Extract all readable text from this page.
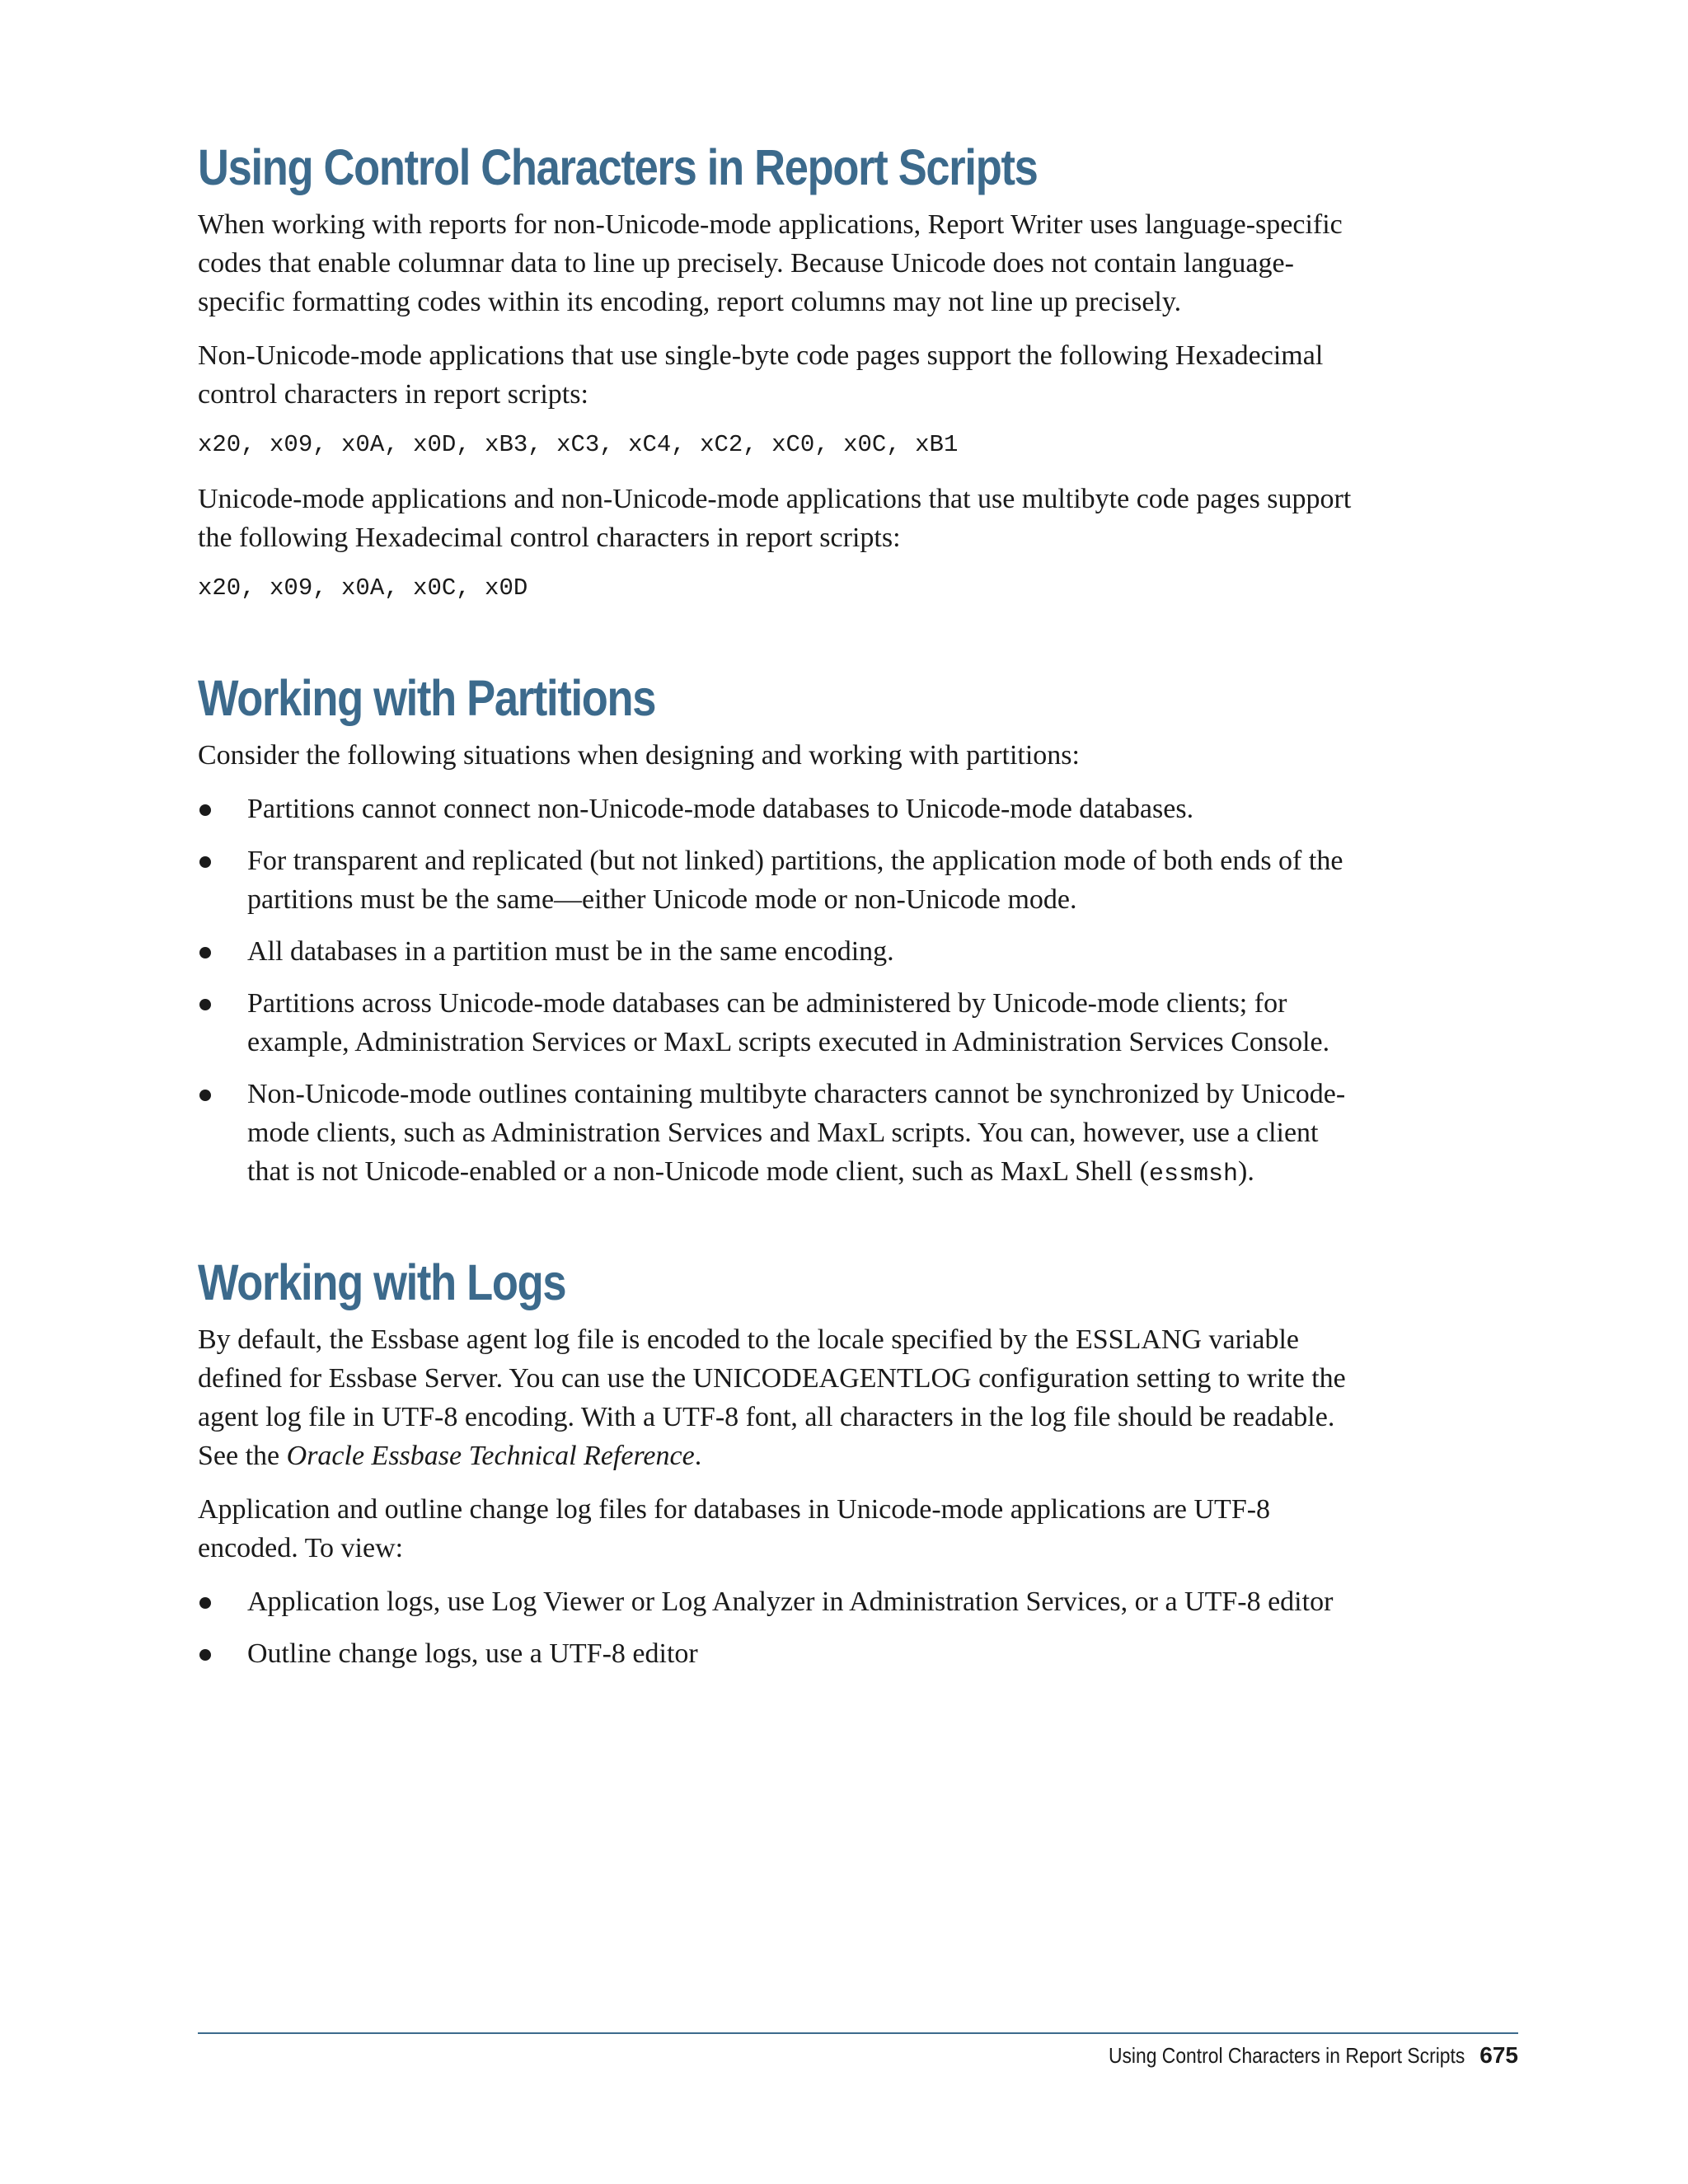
Using Control Characters in Report Scripts

When working with reports for non-Unicode-mode applications, Report Writer uses language-specific codes that enable columnar data to line up precisely. Because Unicode does not contain language-specific formatting codes within its encoding, report columns may not line up precisely.

Non-Unicode-mode applications that use single-byte code pages support the following Hexadecimal control characters in report scripts:

x20, x09, x0A, x0D, xB3, xC3, xC4, xC2, xC0, x0C, xB1

Unicode-mode applications and non-Unicode-mode applications that use multibyte code pages support the following Hexadecimal control characters in report scripts:

x20, x09, x0A, x0C, x0D
Working with Partitions

Consider the following situations when designing and working with partitions:

Partitions cannot connect non-Unicode-mode databases to Unicode-mode databases.
For transparent and replicated (but not linked) partitions, the application mode of both ends of the partitions must be the same—either Unicode mode or non-Unicode mode.
All databases in a partition must be in the same encoding.
Partitions across Unicode-mode databases can be administered by Unicode-mode clients; for example, Administration Services or MaxL scripts executed in Administration Services Console.
Non-Unicode-mode outlines containing multibyte characters cannot be synchronized by Unicode-mode clients, such as Administration Services and MaxL scripts. You can, however, use a client that is not Unicode-enabled or a non-Unicode mode client, such as MaxL Shell (essmsh).
Working with Logs

By default, the Essbase agent log file is encoded to the locale specified by the ESSLANG variable defined for Essbase Server. You can use the UNICODEAGENTLOG configuration setting to write the agent log file in UTF-8 encoding. With a UTF-8 font, all characters in the log file should be readable. See the Oracle Essbase Technical Reference.

Application and outline change log files for databases in Unicode-mode applications are UTF-8 encoded. To view:

Application logs, use Log Viewer or Log Analyzer in Administration Services, or a UTF-8 editor
Outline change logs, use a UTF-8 editor
Using Control Characters in Report Scripts 675
